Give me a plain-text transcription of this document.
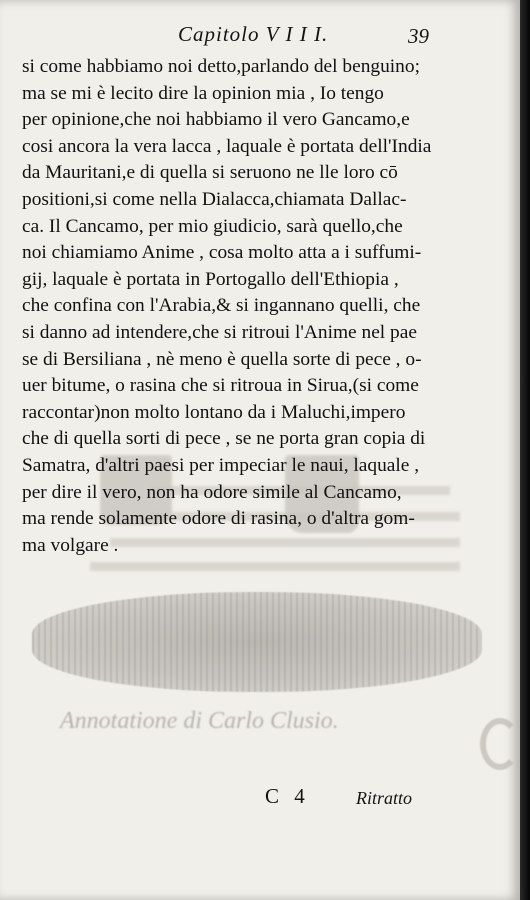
Capitolo V I I I.	39
si come habbiamo noi detto,parlando del benguino;
ma se mi è lecito dire la opinion mia , Io tengo
per opinione,che noi habbiamo il vero Gancamo,e
cosi ancora la vera lacca , laquale è portata dell'India
da Mauritani,e di quella si seruono ne lle loro cō
positioni,si come nella Dialacca,chiamata Dallac-
ca. Il Cancamo, per mio giudicio, sarà quello,che
noi chiamiamo Anime , cosa molto atta a i suffumi-
gij, laquale è portata in Portogallo dell'Ethiopia ,
che confina con l'Arabia,& si ingannano quelli, che
si danno ad intendere,che si ritroui l'Anime nel pae
se di Bersiliana , nè meno è quella sorte di pece , o-
uer bitume, o rasina che si ritroua in Sirua,(si come
raccontar)non molto lontano da i Maluchi,impero
che di quella sorti di pece , se ne porta gran copia di
Samatra, d'altri paesi per impeciar le naui, laquale ,
per dire il vero, non ha odore simile al Cancamo,
ma rende solamente odore di rasina, o d'altra gom-
ma volgare .
Annotatione di Carlo Clusio.
C 4	Ritratto
